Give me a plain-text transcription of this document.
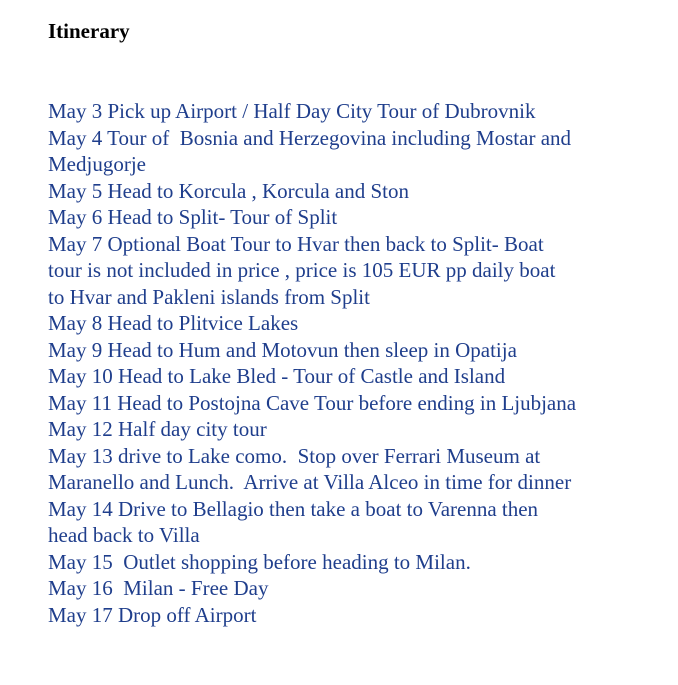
Itinerary
May 3 Pick up Airport / Half Day City Tour of Dubrovnik
May 4 Tour of  Bosnia and Herzegovina including Mostar and
Medjugorje
May 5 Head to Korcula , Korcula and Ston
May 6 Head to Split- Tour of Split
May 7 Optional Boat Tour to Hvar then back to Split- Boat
tour is not included in price , price is 105 EUR pp daily boat
to Hvar and Pakleni islands from Split
May 8 Head to Plitvice Lakes
May 9 Head to Hum and Motovun then sleep in Opatija
May 10 Head to Lake Bled - Tour of Castle and Island
May 11 Head to Postojna Cave Tour before ending in Ljubjana
May 12 Half day city tour
May 13 drive to Lake como.  Stop over Ferrari Museum at
Maranello and Lunch.  Arrive at Villa Alceo in time for dinner
May 14 Drive to Bellagio then take a boat to Varenna then
head back to Villa
May 15  Outlet shopping before heading to Milan.
May 16  Milan - Free Day
May 17 Drop off Airport
